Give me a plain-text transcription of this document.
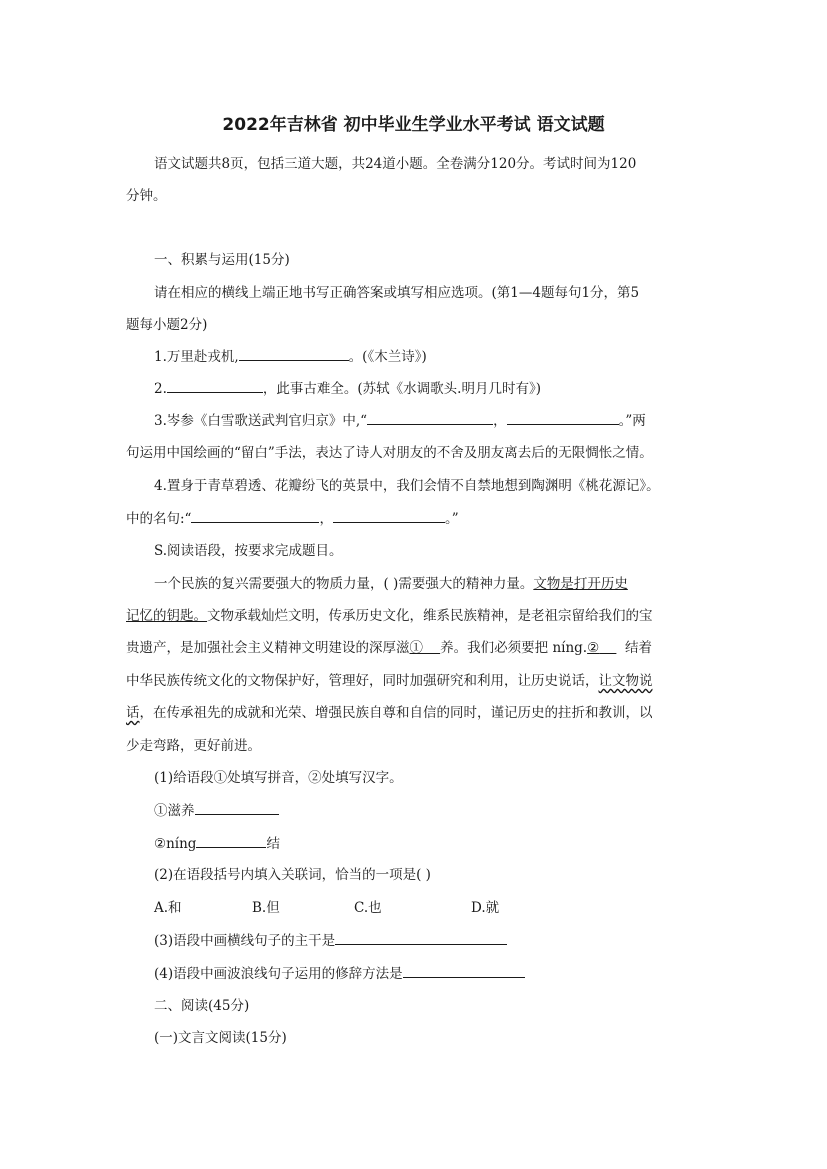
2022年吉林省 初中毕业生学业水平考试 语文试题
语文试题共8页，包括三道大题，共24道小题。全卷满分120分。考试时间为120
分钟。
一、积累与运用(15分)
请在相应的横线上端正地书写正确答案或填写相应选项。(第1—4题每句1分，第5
题每小题2分)
1.万里赴戎机,	。(《木兰诗》)
2.	，此事古难全。(苏轼《水调歌头.明月几时有》)
3.岑参《白雪歌送武判官归京》中,“	，	。”两
句运用中国绘画的“留白”手法，表达了诗人对朋友的不舍及朋友离去后的无限惆怅之情。
4.置身于青草碧透、花瓣纷飞的英景中，我们会情不自禁地想到陶渊明《桃花源记》。
中的名句:“	，	。”
S.阅读语段，按要求完成题目。
一个民族的复兴需要强大的物质力量，( )需要强大的精神力量。文物是打开历史
记忆的钥匙。文物承载灿烂文明，传承历史文化，维系民族精神，是老祖宗留给我们的宝
贵遗产，是加强社会主义精神文明建设的深厚滋① 养。我们必须要把 níng.② 结着
中华民族传统文化的文物保护好，管理好，同时加强研究和利用，让历史说话，让文物说
话，在传承祖先的成就和光荣、增强民族自尊和自信的同时，谨记历史的拄折和教训，以
少走弯路，更好前进。
(1)给语段①处填写拼音，②处填写汉字。
①滋养
②níng	结
(2)在语段括号内填入关联词，恰当的一项是( )
A.和	B.但	C.也	D.就
(3)语段中画横线句子的主干是
(4)语段中画波浪线句子运用的修辞方法是
二、阅读(45分)
(一)文言文阅读(15分)
